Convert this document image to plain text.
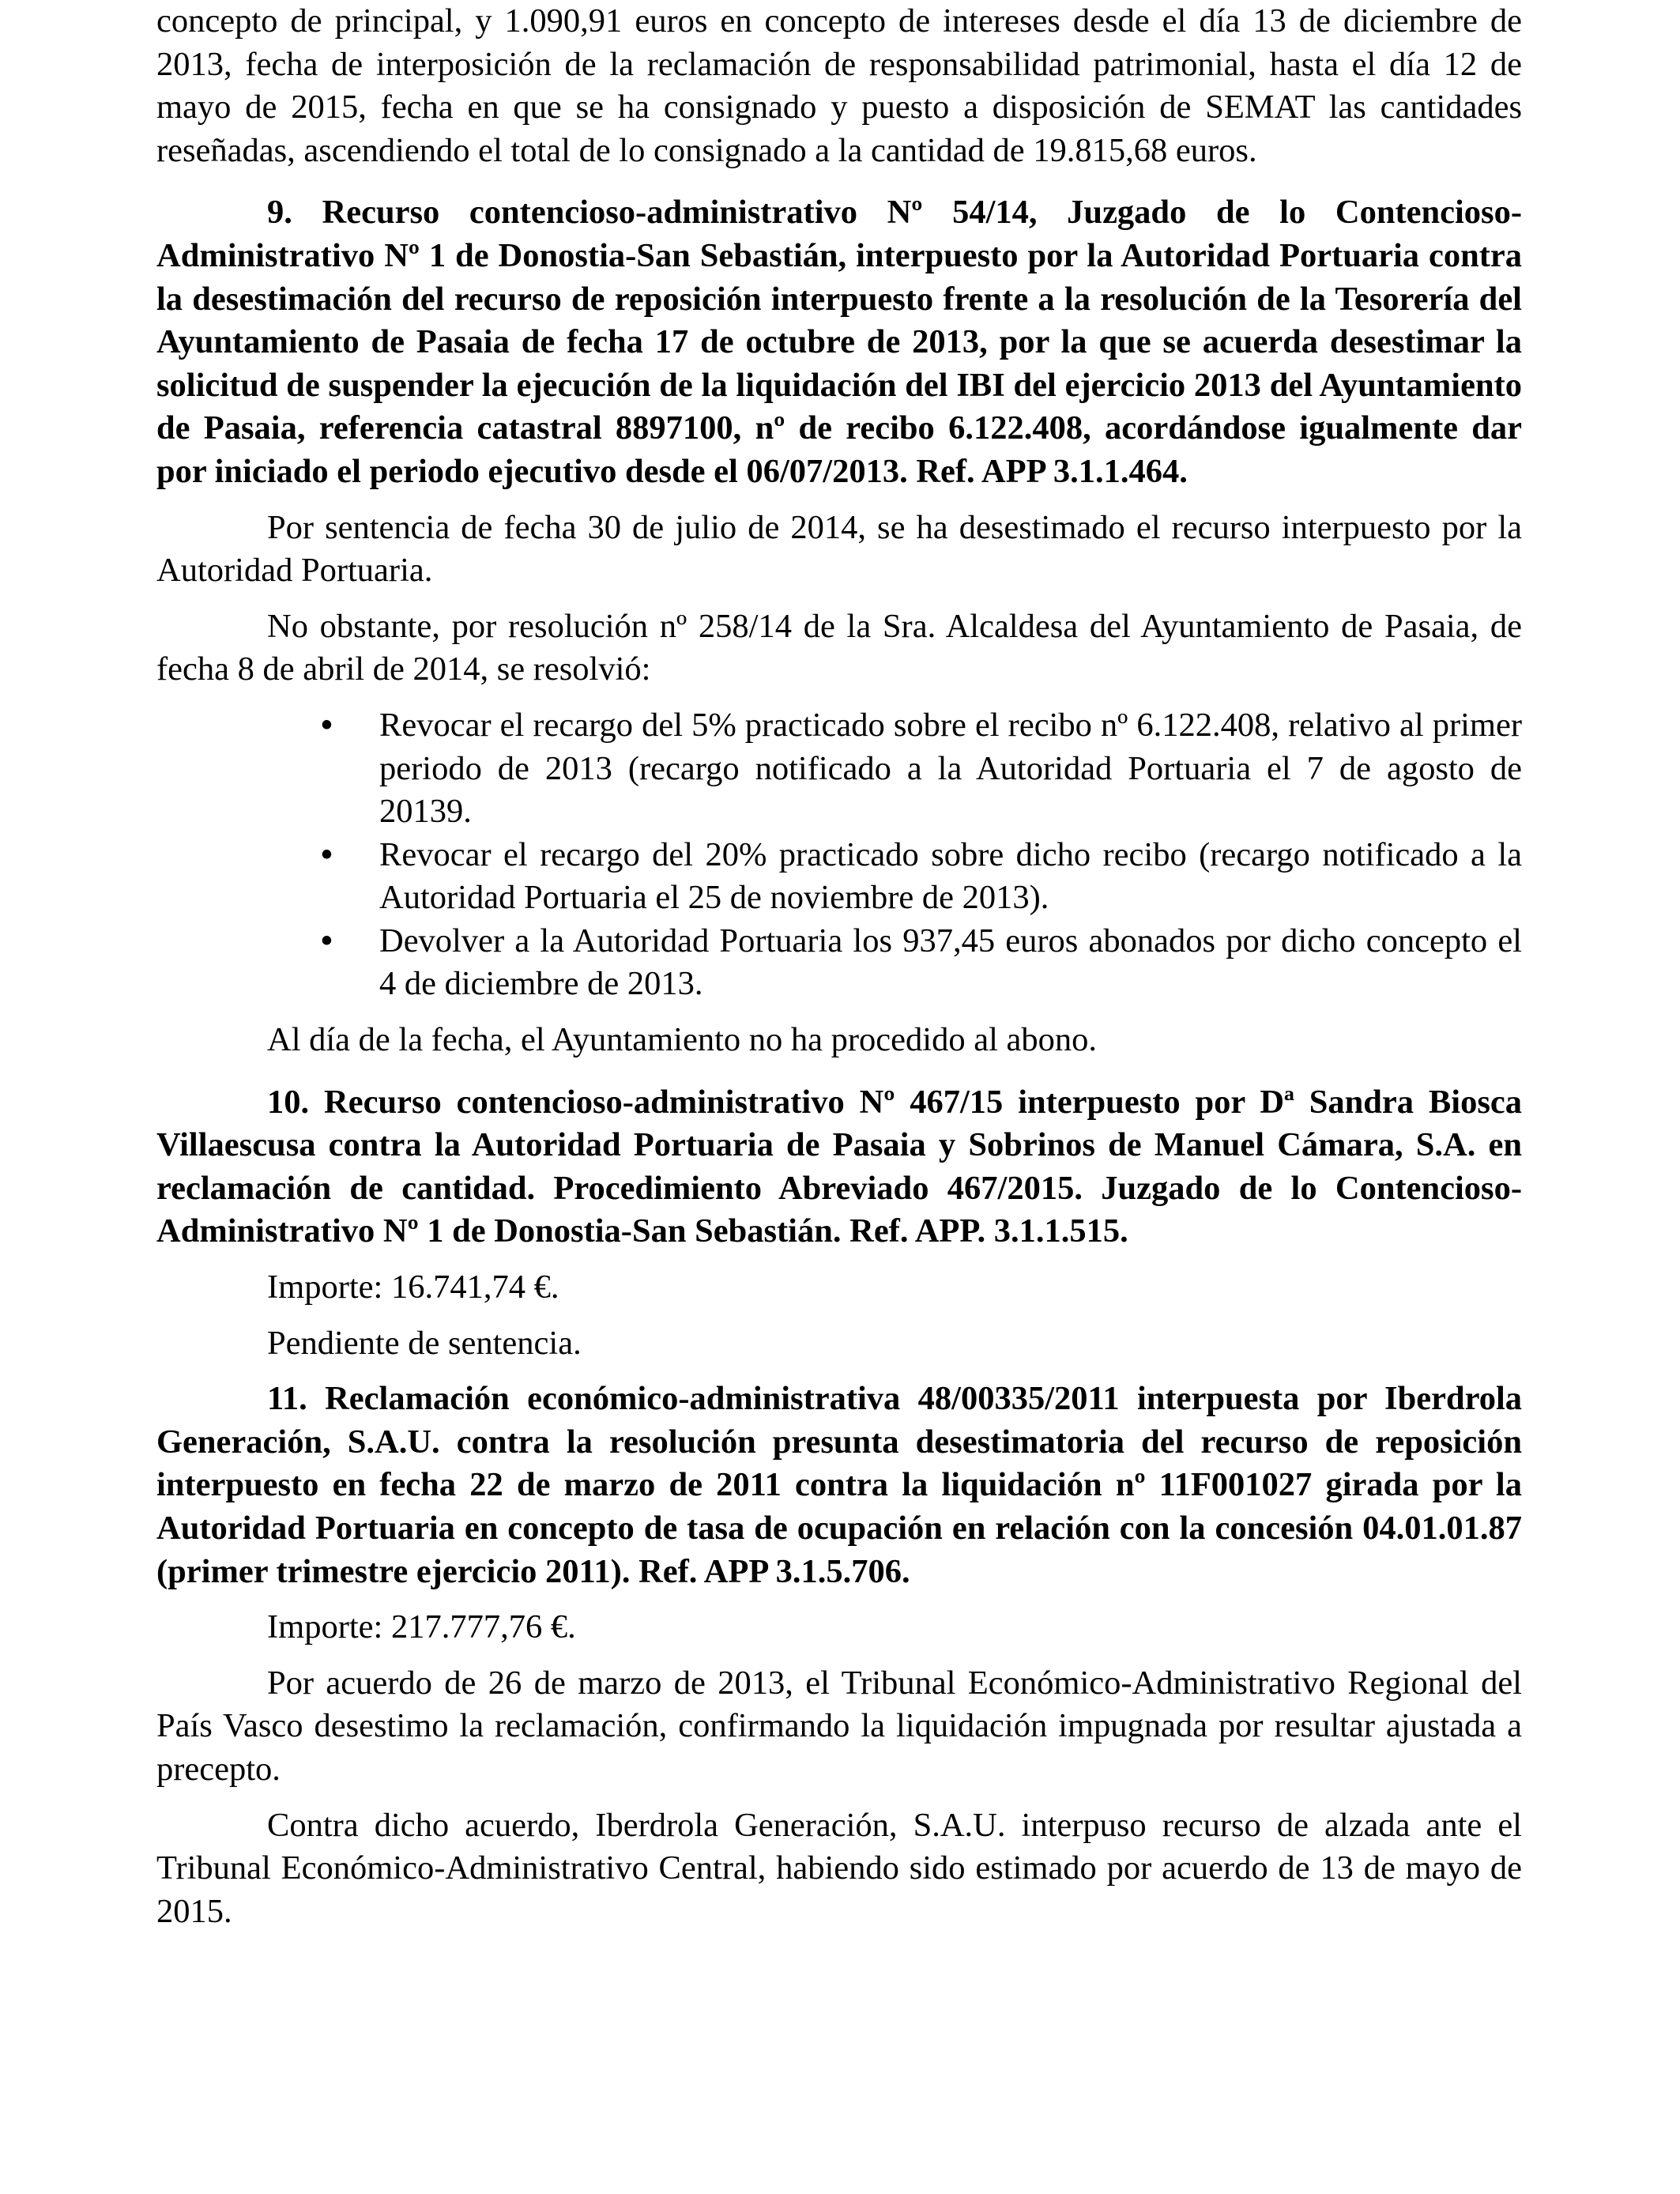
concepto de principal, y 1.090,91 euros en concepto de intereses desde el día 13 de diciembre de 2013, fecha de interposición de la reclamación de responsabilidad patrimonial, hasta el día 12 de mayo de 2015, fecha en que se ha consignado y puesto a disposición de SEMAT las cantidades reseñadas, ascendiendo el total de lo consignado a la cantidad de 19.815,68 euros.

9. Recurso contencioso-administrativo Nº 54/14, Juzgado de lo Contencioso-Administrativo Nº 1 de Donostia-San Sebastián, interpuesto por la Autoridad Portuaria contra la desestimación del recurso de reposición interpuesto frente a la resolución de la Tesorería del Ayuntamiento de Pasaia de fecha 17 de octubre de 2013, por la que se acuerda desestimar la solicitud de suspender la ejecución de la liquidación del IBI del ejercicio 2013 del Ayuntamiento de Pasaia, referencia catastral 8897100, nº de recibo 6.122.408, acordándose igualmente dar por iniciado el periodo ejecutivo desde el 06/07/2013. Ref. APP 3.1.1.464.

Por sentencia de fecha 30 de julio de 2014, se ha desestimado el recurso interpuesto por la Autoridad Portuaria.

No obstante, por resolución nº 258/14 de la Sra. Alcaldesa del Ayuntamiento de Pasaia, de fecha 8 de abril de 2014, se resolvió:

• Revocar el recargo del 5% practicado sobre el recibo nº 6.122.408, relativo al primer periodo de 2013 (recargo notificado a la Autoridad Portuaria el 7 de agosto de 20139.
• Revocar el recargo del 20% practicado sobre dicho recibo (recargo notificado a la Autoridad Portuaria el 25 de noviembre de 2013).
• Devolver a la Autoridad Portuaria los 937,45 euros abonados por dicho concepto el 4 de diciembre de 2013.

Al día de la fecha, el Ayuntamiento no ha procedido al abono.

10. Recurso contencioso-administrativo Nº 467/15 interpuesto por Dª Sandra Biosca Villaescusa contra la Autoridad Portuaria de Pasaia y Sobrinos de Manuel Cámara, S.A. en reclamación de cantidad. Procedimiento Abreviado 467/2015. Juzgado de lo Contencioso-Administrativo Nº 1 de Donostia-San Sebastián. Ref. APP. 3.1.1.515.

Importe: 16.741,74 €.

Pendiente de sentencia.

11. Reclamación económico-administrativa 48/00335/2011 interpuesta por Iberdrola Generación, S.A.U. contra la resolución presunta desestimatoria del recurso de reposición interpuesto en fecha 22 de marzo de 2011 contra la liquidación nº 11F001027 girada por la Autoridad Portuaria en concepto de tasa de ocupación en relación con la concesión 04.01.01.87 (primer trimestre ejercicio 2011). Ref. APP 3.1.5.706.

Importe: 217.777,76 €.

Por acuerdo de 26 de marzo de 2013, el Tribunal Económico-Administrativo Regional del País Vasco desestimo la reclamación, confirmando la liquidación impugnada por resultar ajustada a precepto.

Contra dicho acuerdo, Iberdrola Generación, S.A.U. interpuso recurso de alzada ante el Tribunal Económico-Administrativo Central, habiendo sido estimado por acuerdo de 13 de mayo de 2015.
